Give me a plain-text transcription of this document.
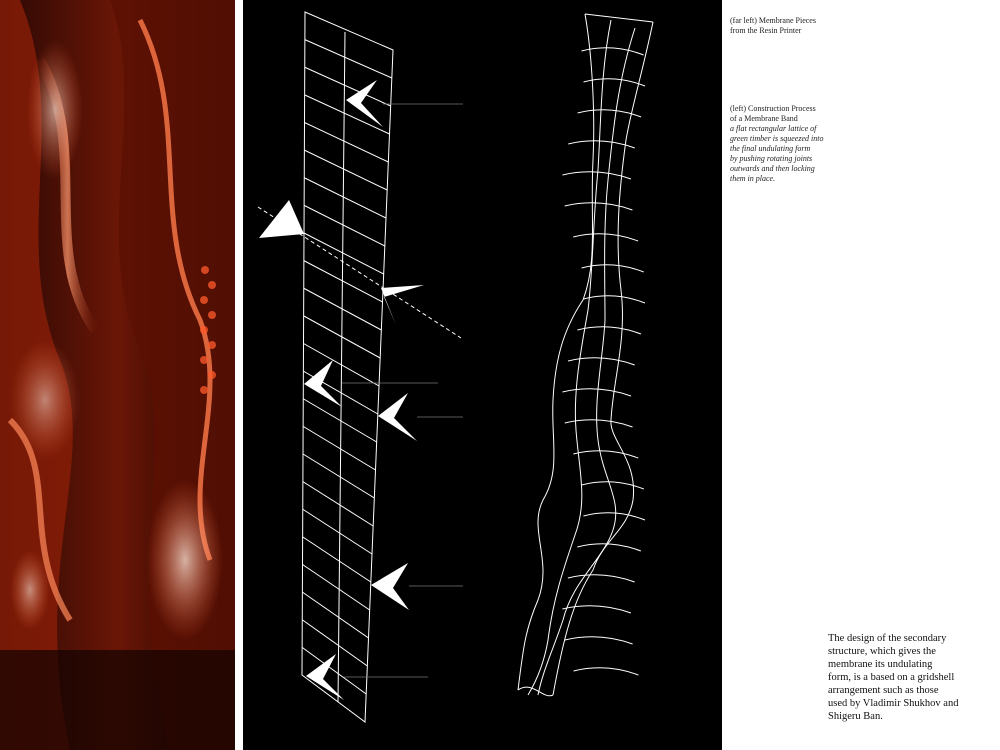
(far left) Membrane Pieces
from the Resin Printer
(left) Construction Process
of a Membrane Band
a flat rectangular lattice of
green timber is squeezed into
the final undulating form
by pushing rotating joints
outwards and then locking
them in place.
The design of the secondary
structure, which gives the
membrane its undulating
form, is a based on a gridshell
arrangement such as those
used by Vladimir Shukhov and
Shigeru Ban.
